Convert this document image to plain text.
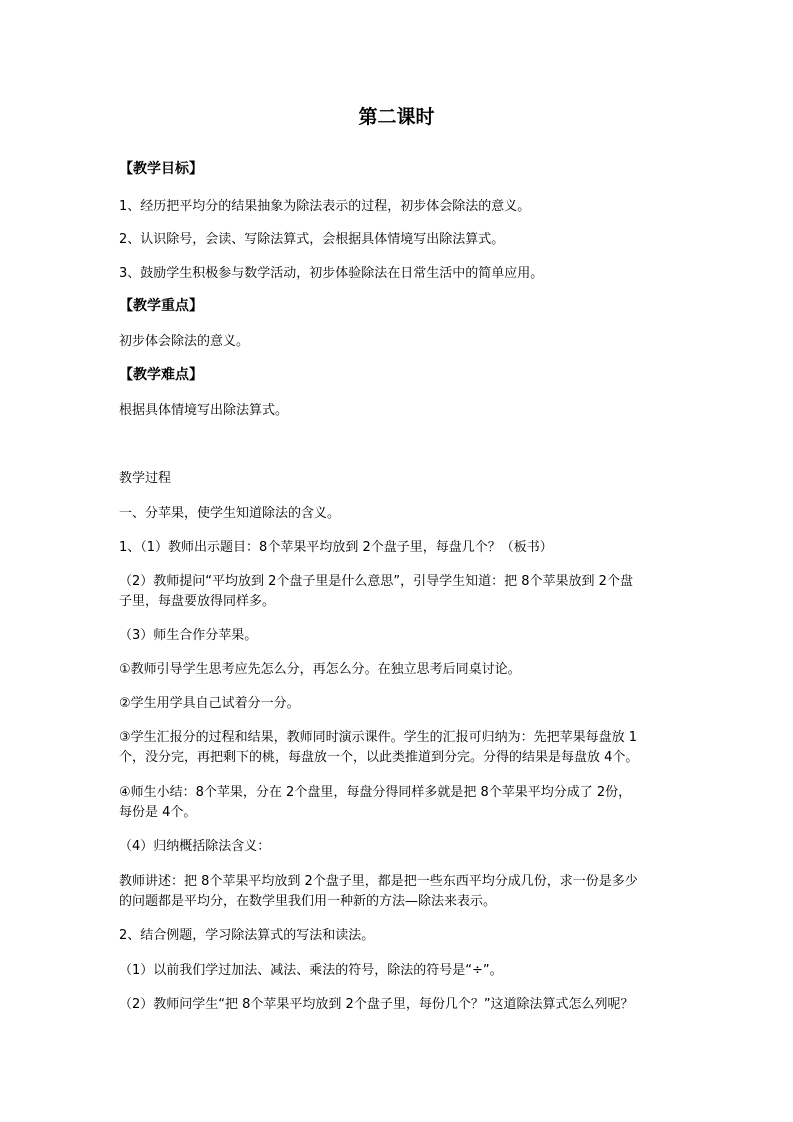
第二课时
【教学目标】
1、经历把平均分的结果抽象为除法表示的过程，初步体会除法的意义。
2、认识除号，会读、写除法算式，会根据具体情境写出除法算式。
3、鼓励学生积极参与数学活动，初步体验除法在日常生活中的简单应用。
【教学重点】
初步体会除法的意义。
【教学难点】
根据具体情境写出除法算式。
教学过程
一、分苹果，使学生知道除法的含义。
1、（1）教师出示题目：8个苹果平均放到 2个盘子里，每盘几个？（板书）
（2）教师提问“平均放到 2个盘子里是什么意思”，引导学生知道：把 8个苹果放到 2个盘
子里，每盘要放得同样多。
（3）师生合作分苹果。
①教师引导学生思考应先怎么分，再怎么分。在独立思考后同桌讨论。
②学生用学具自己试着分一分。
③学生汇报分的过程和结果，教师同时演示课件。学生的汇报可归纳为：先把苹果每盘放 1
个，没分完，再把剩下的桃，每盘放一个，以此类推道到分完。分得的结果是每盘放 4个。
④师生小结：8个苹果，分在 2个盘里，每盘分得同样多就是把 8个苹果平均分成了 2份，
每份是 4个。
（4）归纳概括除法含义：
教师讲述：把 8个苹果平均放到 2个盘子里，都是把一些东西平均分成几份，求一份是多少
的问题都是平均分，在数学里我们用一种新的方法—除法来表示。
2、结合例题，学习除法算式的写法和读法。
（1）以前我们学过加法、减法、乘法的符号，除法的符号是“÷”。
（2）教师问学生“把 8个苹果平均放到 2个盘子里，每份几个？”这道除法算式怎么列呢？
